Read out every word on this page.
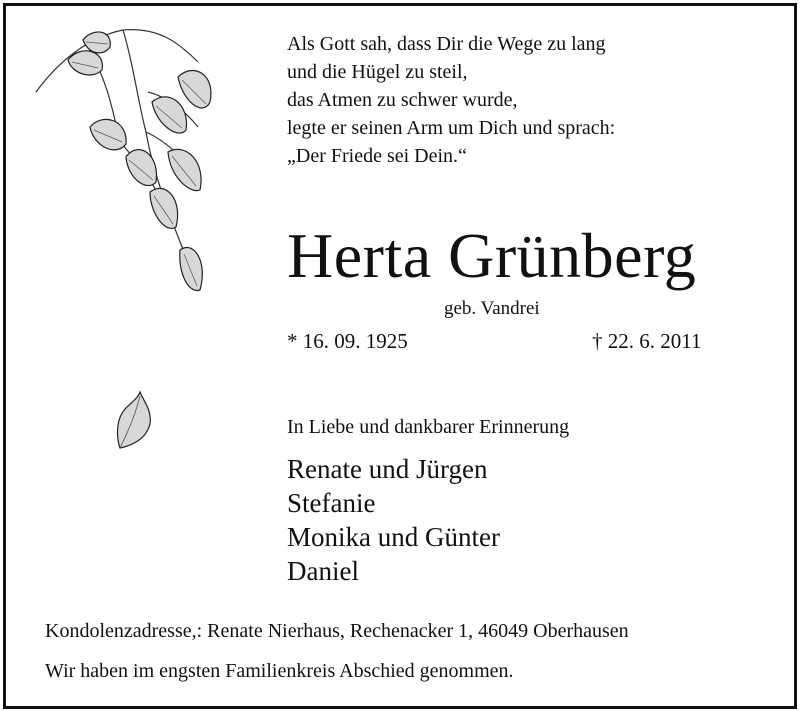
Als Gott sah, dass Dir die Wege zu lang
und die Hügel zu steil,
das Atmen zu schwer wurde,
legte er seinen Arm um Dich und sprach:
„Der Friede sei Dein.“
Herta Grünberg
geb. Vandrei
* 16. 09. 1925	† 22. 6. 2011
In Liebe und dankbarer Erinnerung
Renate und Jürgen
Stefanie
Monika und Günter
Daniel
Kondolenzadresse,: Renate Nierhaus, Rechenacker 1, 46049 Oberhausen
Wir haben im engsten Familienkreis Abschied genommen.
